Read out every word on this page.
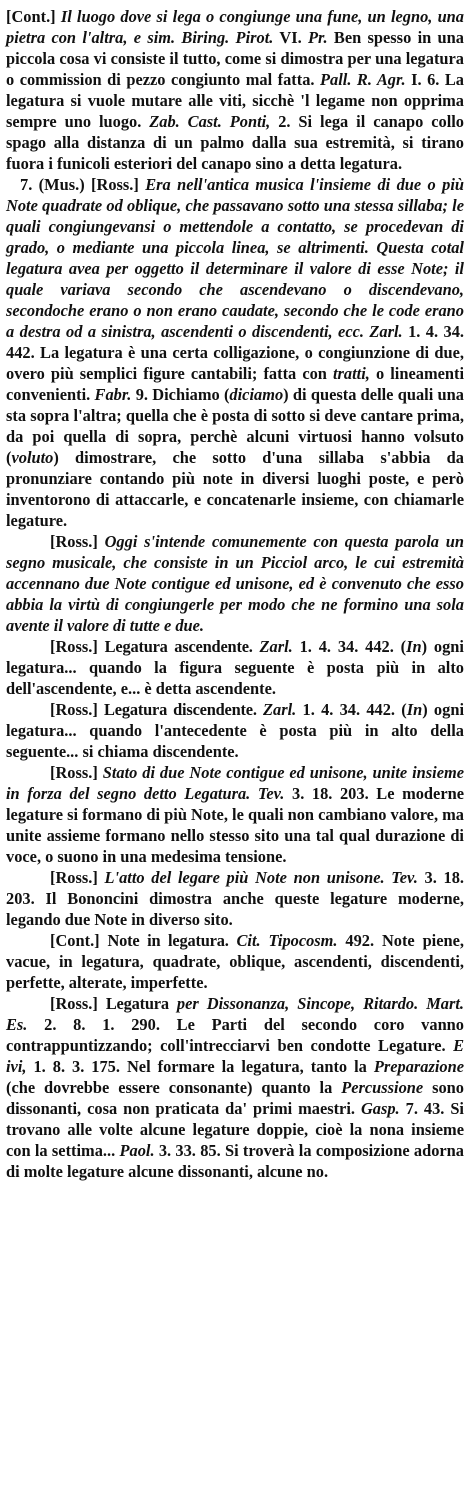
[Cont.] Il luogo dove si lega o congiunge una fune, un legno, una pietra con l'altra, e sim. Biring. Pirot. VI. Pr. Ben spesso in una piccola cosa vi consiste il tutto, come si dimostra per una legatura o commission di pezzo congiunto mal fatta. Pall. R. Agr. I. 6. La legatura si vuole mutare alle viti, sicchè 'l legame non opprima sempre uno luogo. Zab. Cast. Ponti, 2. Si lega il canapo collo spago alla distanza di un palmo dalla sua estremità, si tirano fuora i funicoli esteriori del canapo sino a detta legatura.

7. (Mus.) [Ross.] Era nell'antica musica l'insieme di due o più Note quadrate od oblique, che passavano sotto una stessa sillaba; le quali congiungevansi o mettendole a contatto, se procedevan di grado, o mediante una piccola linea, se altrimenti. Questa cotal legatura avea per oggetto il determinare il valore di esse Note; il quale variava secondo che ascendevano o discendevano, secondoche erano o non erano caudate, secondo che le code erano a destra od a sinistra, ascendenti o discendenti, ecc. Zarl. 1. 4. 34. 442. La legatura è una certa colligazione, o congiunzione di due, overo più semplici figure cantabili; fatta con tratti, o lineamenti convenienti. Fabr. 9. Dichiamo (diciamo) di questa delle quali una sta sopra l'altra; quella che è posta di sotto si deve cantare prima, da poi quella di sopra, perchè alcuni virtuosi hanno volsuto (voluto) dimostrare, che sotto d'una sillaba s'abbia da pronunziare contando più note in diversi luoghi poste, e però inventorono di attaccarle, e concatenarle insieme, con chiamarle legature.

[Ross.] Oggi s'intende comunemente con questa parola un segno musicale, che consiste in un Picciol arco, le cui estremità accennano due Note contigue ed unisone, ed è convenuto che esso abbia la virtù di congiungerle per modo che ne formino una sola avente il valore di tutte e due.

[Ross.] Legatura ascendente. Zarl. 1. 4. 34. 442. (In) ogni legatura... quando la figura seguente è posta più in alto dell'ascendente, e... è detta ascendente.

[Ross.] Legatura discendente. Zarl. 1. 4. 34. 442. (In) ogni legatura... quando l'antecedente è posta più in alto della seguente... si chiama discendente.

[Ross.] Stato di due Note contigue ed unisone, unite insieme in forza del segno detto Legatura. Tev. 3. 18. 203. Le moderne legature si formano di più Note, le quali non cambiano valore, ma unite assieme formano nello stesso sito una tal qual durazione di voce, o suono in una medesima tensione.

[Ross.] L'atto del legare più Note non unisone. Tev. 3. 18. 203. Il Bononcini dimostra anche queste legature moderne, legando due Note in diverso sito.

[Cont.] Note in legatura. Cit. Tipocosm. 492. Note piene, vacue, in legatura, quadrate, oblique, ascendenti, discendenti, perfette, alterate, imperfette.

[Ross.] Legatura per Dissonanza, Sincope, Ritardo. Mart. Es. 2. 8. 1. 290. Le Parti del secondo coro vanno contrappuntizzando; coll'intrecciarvi ben condotte Legature. E ivi, 1. 8. 3. 175. Nel formare la legatura, tanto la Preparazione (che dovrebbe essere consonante) quanto la Percussione sono dissonanti, cosa non praticata da' primi maestri. Gasp. 7. 43. Si trovano alle volte alcune legature doppie, cioè la nona insieme con la settima... Paol. 3. 33. 85. Si troverà la composizione adorna di molte legature alcune dissonanti, alcune no.
